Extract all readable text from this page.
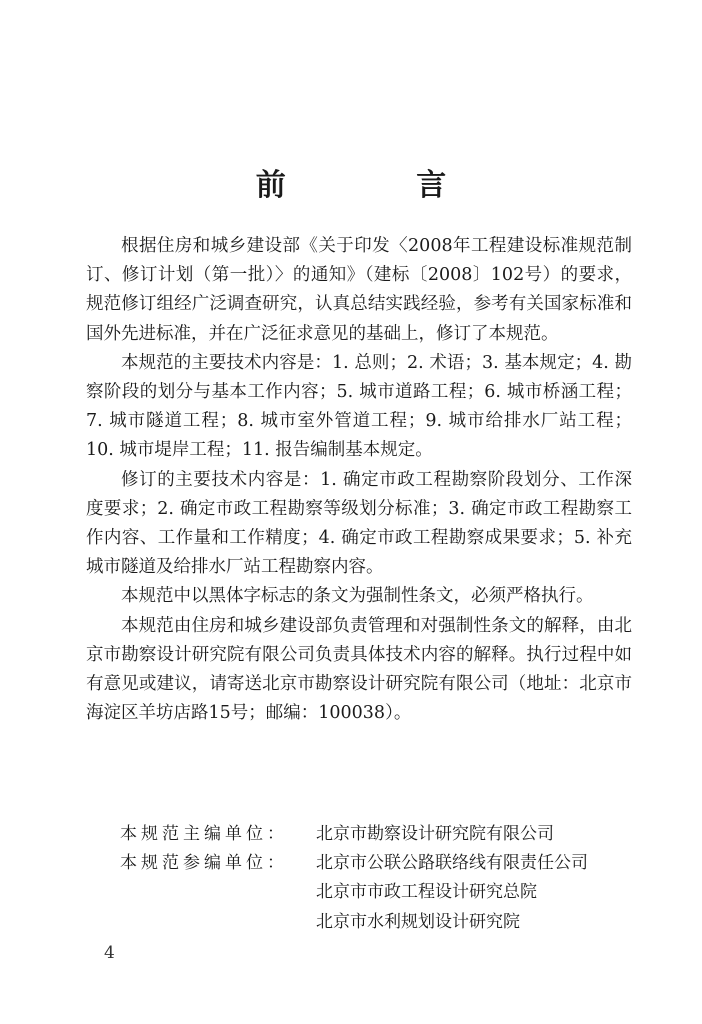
前 言

根据住房和城乡建设部《关于印发〈2008年工程建设标准规范制订、修订计划（第一批）〉的通知》（建标〔2008〕102号）的要求，规范修订组经广泛调查研究，认真总结实践经验，参考有关国家标准和国外先进标准，并在广泛征求意见的基础上，修订了本规范。

本规范的主要技术内容是：1. 总则；2. 术语；3. 基本规定；4. 勘察阶段的划分与基本工作内容；5. 城市道路工程；6. 城市桥涵工程；7. 城市隧道工程；8. 城市室外管道工程；9. 城市给排水厂站工程；10. 城市堤岸工程；11. 报告编制基本规定。

修订的主要技术内容是：1. 确定市政工程勘察阶段划分、工作深度要求；2. 确定市政工程勘察等级划分标准；3. 确定市政工程勘察工作内容、工作量和工作精度；4. 确定市政工程勘察成果要求；5. 补充城市隧道及给排水厂站工程勘察内容。

本规范中以黑体字标志的条文为强制性条文，必须严格执行。

本规范由住房和城乡建设部负责管理和对强制性条文的解释，由北京市勘察设计研究院有限公司负责具体技术内容的解释。执行过程中如有意见或建议，请寄送北京市勘察设计研究院有限公司（地址：北京市海淀区羊坊店路15号；邮编：100038）。

本规范主编单位：	北京市勘察设计研究院有限公司
本规范参编单位：	北京市公联公路联络线有限责任公司
北京市市政工程设计研究总院
北京市水利规划设计研究院
4
